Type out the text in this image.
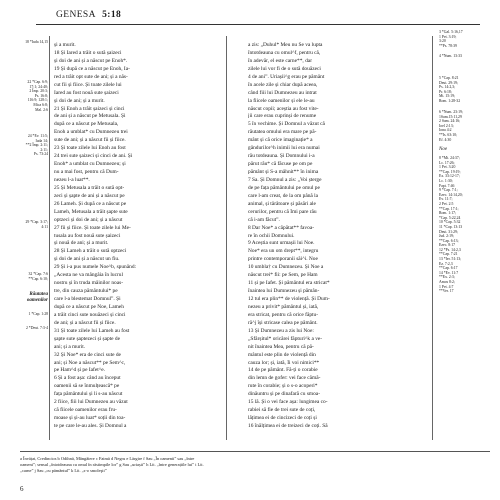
GENESA 5:18
18 *Iuda 14,15
22 *Cap. 6:9;
17:1; 24:40;
2 Împ. 20:3;
Ps. 16:8;
116:9; 128:1;
Mica 6:8;
Mal. 2:6
24 *Ev. 11:5;
Iuda 14;
**2 Împ. 2:11;
2:11;
Ps. 73:24
29 *Cap. 3:17;
4:11
32 *Cap. 7:6
**Cap. 6:10;
Răutatea
oamenilor
1 *Cap. 1:28
2 *Deut. 7:3-4
și a murit.
18 Și Iared a trăit o sută șaizeci
și doi de ani și a născut pe Enoh*.
19 Și după ce a născut pe Enoh, Ia-
red a trăit opt sute de ani; și a năs-
cut fii și fiice. Și toate zilele lui
Iared au fost nouă sute șaizeci
și doi de ani; și a murit.
21 Și Enoh a trăit șaizeci și cinci
de ani și a născut pe Metusala. Și
după ce a născut pe Metusala,
Enoh a umblat* cu Dumnezeu trei
sute de ani; și a născut fii și fiice.
23 Și toate zilele lui Enoh au fost
24 trei sute șaizeci și cinci de ani. Și
Enoh* a umblat cu Dumnezeu; și
nu a mai fost, pentru că Dum-
nezeu l-a luat**.
25 Și Metusala a trăit o sută opt-
zeci și șapte de ani și a născut pe
26 Lameh. Și după ce a născut pe
Lameh, Metusala a trăit șapte sute
optzeci și doi de ani; și a născut
27 fii și fiice. Și toate zilele lui Me-
tusala au fost nouă sute șaizeci
și nouă de ani; și a murit.
28 Și Lameh a trăit o sută optzeci
și doi de ani și a născut un fiu.
29 Și i-a pus numele Noe^b, spunând:
„Acesta ne va mângâia în lucrul
nostru și în truda mâinilor noas-
tre, din cauza pământului* pe
care l-a blestemat Domnul”. Și
după ce a născut pe Noe, Lameh
a trăit cinci sute nouăzeci și cinci
de ani; și a născut fii și fiice.
31 Și toate zilele lui Lameh au fost
șapte sute șaptezeci și șapte de
ani; și a murit.
32 Și Noe* era de cinci sute de
ani; și Noe a născut** pe Sem^c,
pe Ham^d și pe Iafet^e.
6 Și a fost așa: când au început
oamenii să se înmulțească* pe
fața pământului și li s-au născut
2 fiice, fiii lui Dumnezeu au văzut
că fiicele oamenilor erau fru-
moase și și-au luat* soții din toa-
te pe care le-au ales. Și Domnul a
a zis: „Duhul* Meu nu Se va lupta
întotdeauna cu omul^f, pentru că,
în adevăr, el este carne**, dar
zilele lui vor fi de o sută douăzeci
4 de ani”. Uriașii^g erau pe pământ
în acele zile și chiar după aceea,
când fiii lui Dumnezeu au intrat
la fiicele oamenilor și ele le-au
născut copii; aceștia au fost vite-
jii care erau cuprinși de renume
5 în vechime. Și Domnul a văzut că
răutatea omului era mare pe pă-
mânt și că orice imaginație* a
gândurilor^h inimii lui era numai
rău totdeauna. Și Domnului i-a
părut rău* că făcuse pe om pe
pământ și S-a mâhnit** în inima
7 Sa. Și Domnul a zis: „Voi șterge
de pe fața pământului pe omul pe
care l-am creat, de la om până la
animal, și târâtoare și păsări ale
cerurilor, pentru că Îmi pare rău
că i-am făcut”.
8 Dar Noe* a căpătat** favoa-
re în ochii Domnului.
9 Aceștia sunt urmașii lui Noe.
Noe* era un om drept**, integru
printre contemporanii săi^i. Noe
10 umbla† cu Dumnezeu. Și Noe a
născut trei* fii: pe Sem, pe Ham
11 și pe Iafet. Și pământul era stricat*
înaintea lui Dumnezeu și pămân-
12 tul era plin** de violență. Și Dum-
nezeu a privit* pământul și, iată,
era stricat, pentru că orice făptu-
ră^j își stricase calea pe pământ.
13 Și Dumnezeu a zis lui Noe:
„Sfârșitul* oricărei făpturi^k a ve-
nit înaintea Mea, pentru că pă-
mântul este plin de violență din
cauza lor; și, iată, Îi voi nimici**
14 de pe pământ. Fă-ți o corabie
din lemn de gofer: vei face cămă-
rute în corabie; și o s-o acoperi*
dinăuntru și pe dinafară cu smoa-
15 lă. Și o vei face așa: lungimea co-
rabiei să fie de trei sute de coți,
lățimea ei de cincizeci de coți și
16 înălțimea ei de treizeci de coți. Să
3 *Gal. 5:16,17
1 Pet. 3:19;
3:20
**Ps. 78:39
4 *Num. 13:33
5 *Cap. 8:21
Deut. 29:19;
Ps. 14:2,3;
Pr. 6:18;
Mt. 15:19;
Rom. 1:28-32
6 *Num. 23:19;
1Sam.15:11,29
2 Sam. 24:16;
Ioel 2:13;
Iona 4:2
**Is. 63:10;
Ef. 4:30
Noe
8 *Mt. 24:37;
Lc. 17:26;
1 Pet. 3:20
**Cap. 19:19;
Ex. 33:12-17;
Lc. 1:30;
Fapt. 7:46
9 *Cap. 7:1;
Ezec. 14:14,20;
Ev. 11:7;
2 Pet. 2:5
**Cap. 17:1;
Rom. 1:17;
*Cap. 5:22,24
10 *Cap. 5:32
11 *Cap. 13:13
Deut. 31:29;
Jud. 2:19;
**Cap. 6:13;
Ezec. 8:17
12 *Ps. 14:2,3
**Cap. 7:21
13 *Ier. 51:13;
Ez. 7:2,3
**Cap. 6:17
14 *Ev. 11:7
**Ex. 2:3;
Amos 8:2;
1 Pet. 4:7
**Ver. 17
a Învățat, Credincios b Odihnă, Mângâiere c Faimă d Negru e Lărgire f Sau „În oamenii” sau „între
oameni”; sensul „întotdeauna cu omul în răstimpile lor” g Sau „uriașii” h Lit. „între generațiile lui” i Lit.
„carne” j Sau „cu pământul” k Lit. „s-o smoleşti”
6
